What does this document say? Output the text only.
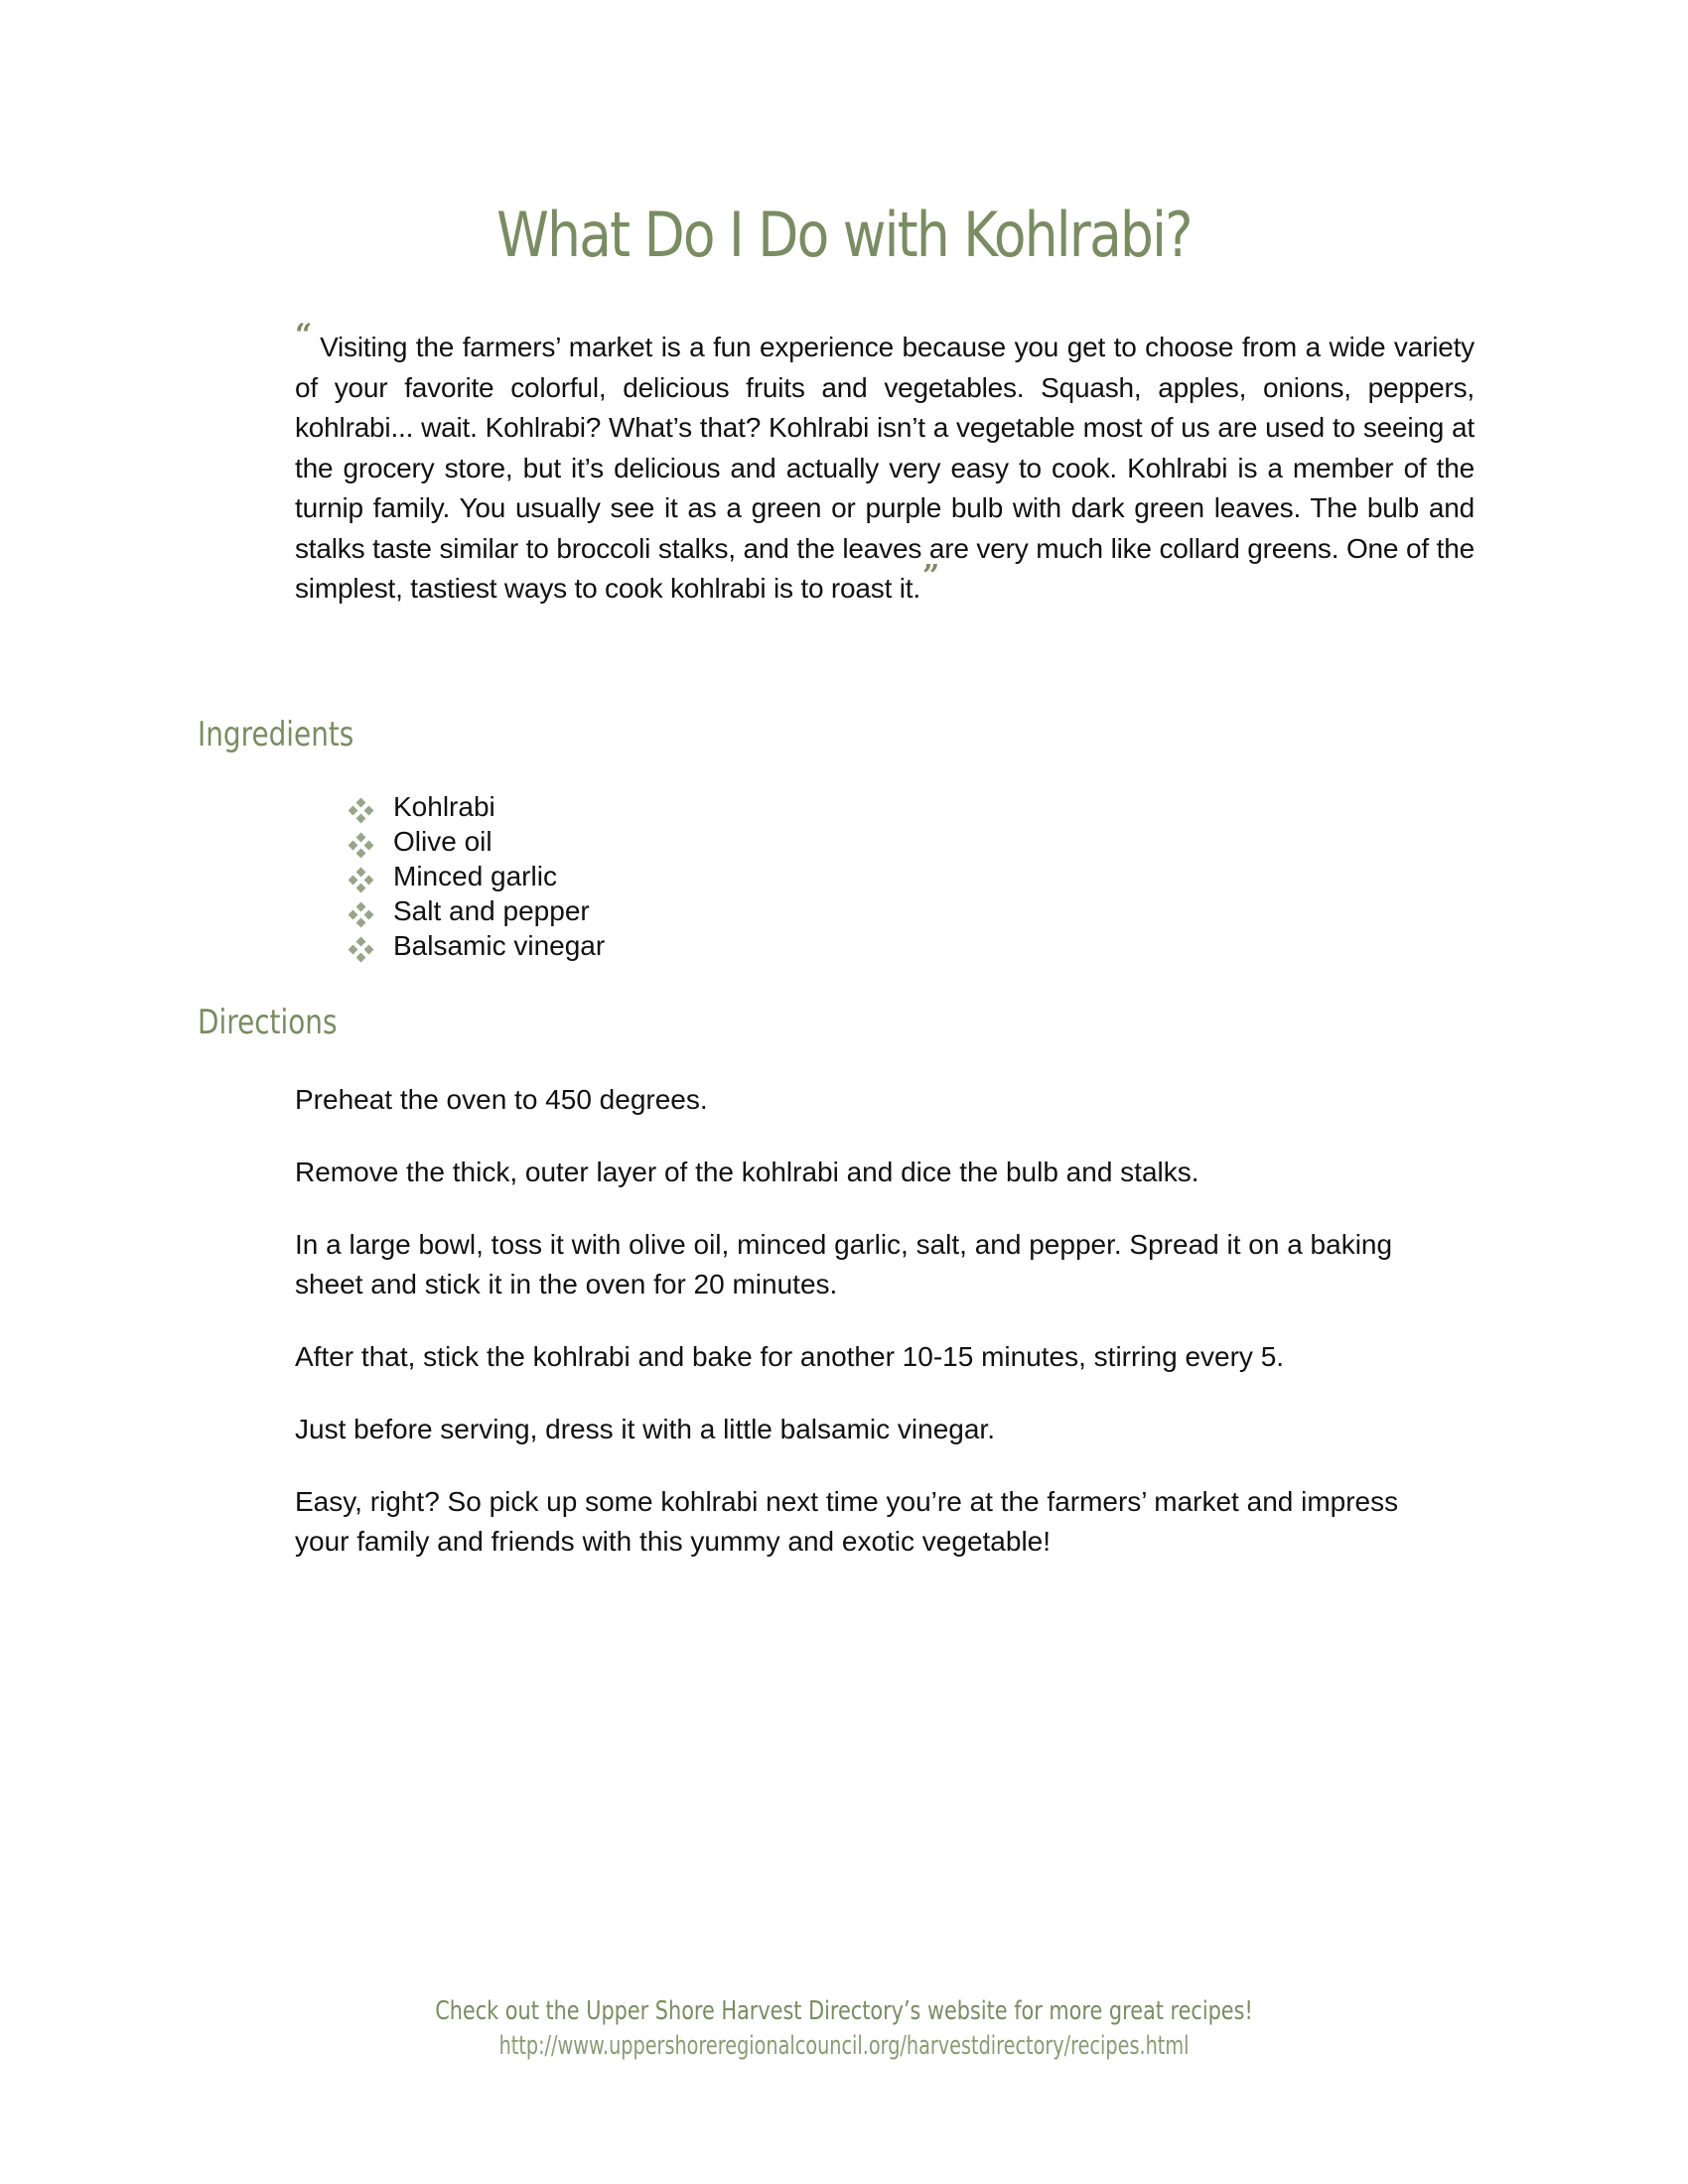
What Do I Do with Kohlrabi?
“ Visiting the farmers’ market is a fun experience because you get to choose from a wide variety of your favorite colorful, delicious fruits and vegetables. Squash, apples, onions, peppers, kohlrabi... wait. Kohlrabi? What’s that? Kohlrabi isn’t a vegetable most of us are used to seeing at the grocery store, but it’s delicious and actually very easy to cook. Kohlrabi is a member of the turnip family. You usually see it as a green or purple bulb with dark green leaves. The bulb and stalks taste similar to broccoli stalks, and the leaves are very much like collard greens. One of the simplest, tastiest ways to cook kohlrabi is to roast it.”
Ingredients
Kohlrabi
Olive oil
Minced garlic
Salt and pepper
Balsamic vinegar
Directions

Preheat the oven to 450 degrees.

Remove the thick, outer layer of the kohlrabi and dice the bulb and stalks.

In a large bowl, toss it with olive oil, minced garlic, salt, and pepper. Spread it on a baking sheet and stick it in the oven for 20 minutes.

After that, stick the kohlrabi and bake for another 10-15 minutes, stirring every 5.

Just before serving, dress it with a little balsamic vinegar.

Easy, right? So pick up some kohlrabi next time you’re at the farmers’ market and impress your family and friends with this yummy and exotic vegetable!

Check out the Upper Shore Harvest Directory’s website for more great recipes!
http://www.uppershoreregionalcouncil.org/harvestdirectory/recipes.html
